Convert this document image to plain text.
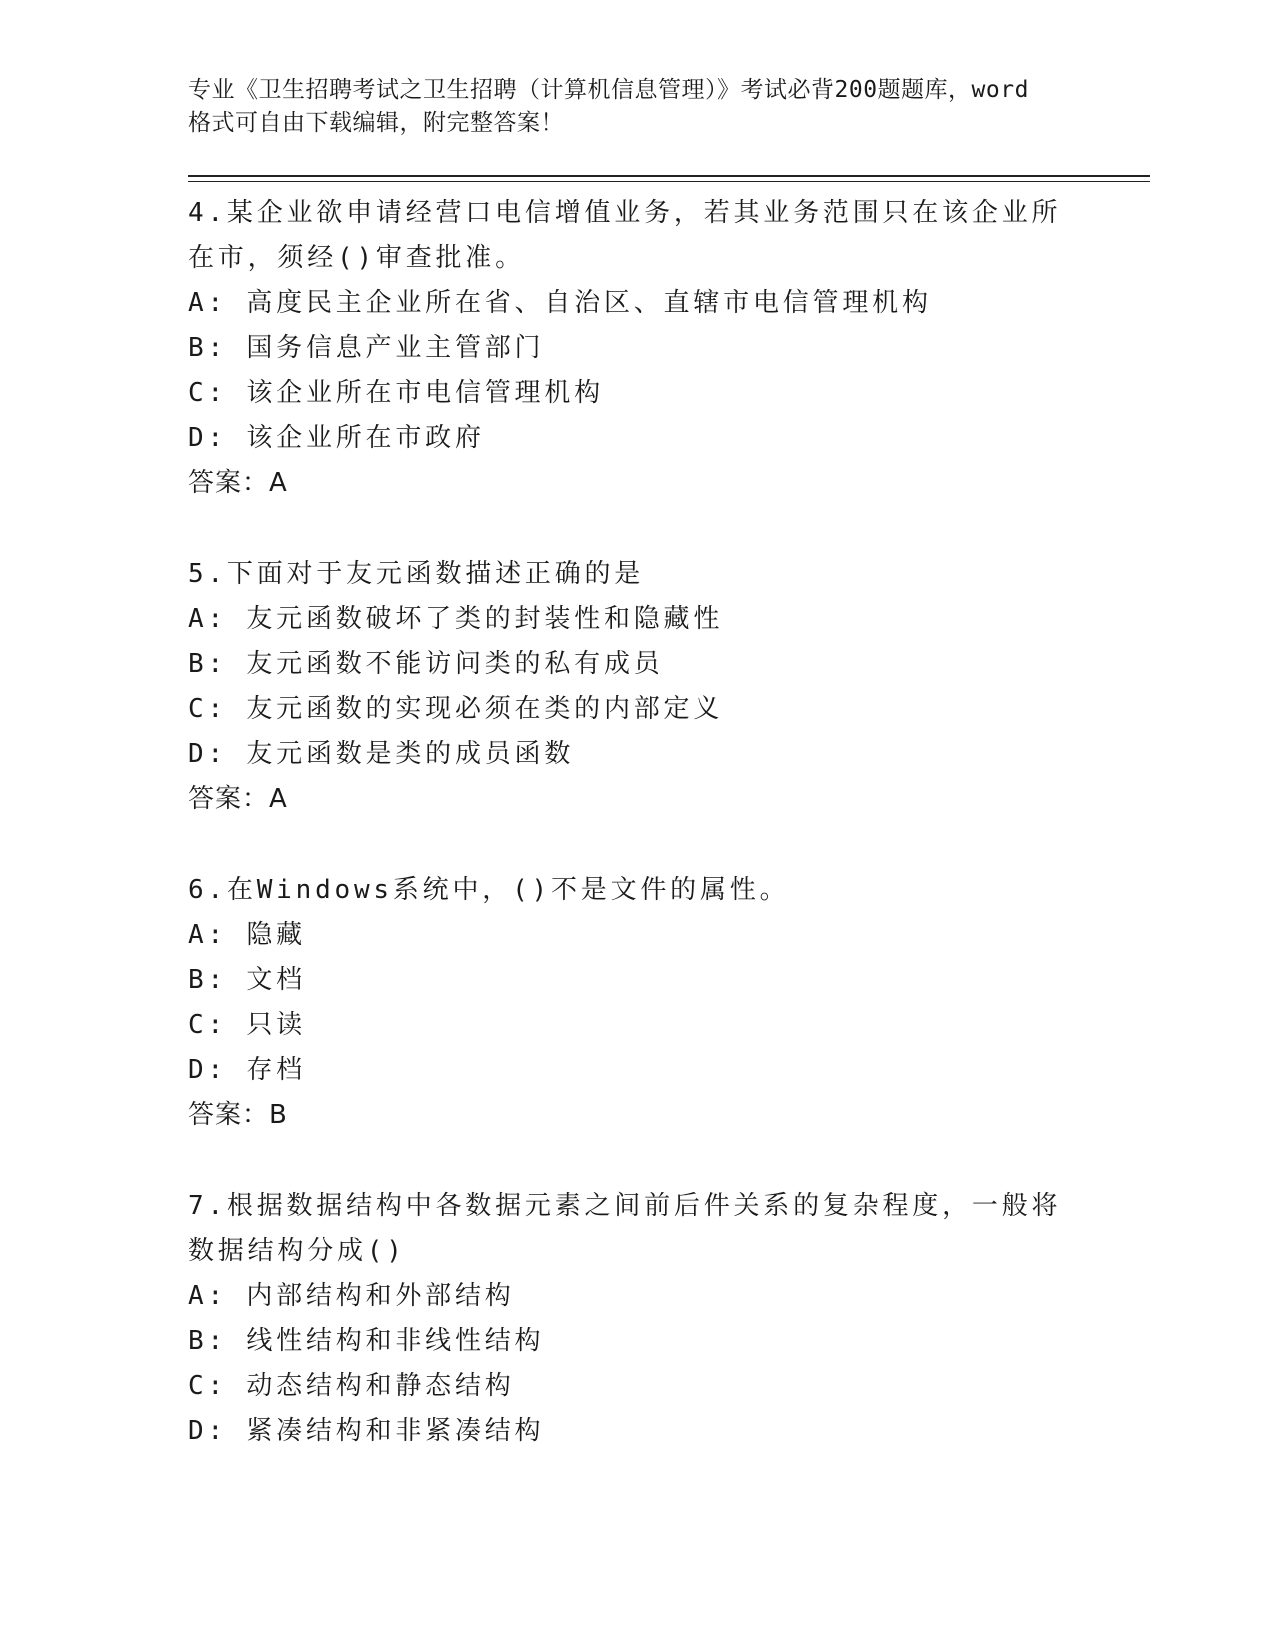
专业《卫生招聘考试之卫生招聘（计算机信息管理）》考试必背200题题库，word
格式可自由下载编辑，附完整答案！

4.某企业欲申请经营口电信增值业务，若其业务范围只在该企业所在市，须经()审查批准。

A: 高度民主企业所在省、自治区、直辖市电信管理机构

B: 国务信息产业主管部门

C: 该企业所在市电信管理机构

D: 该企业所在市政府

答案：A

5.下面对于友元函数描述正确的是

A: 友元函数破坏了类的封装性和隐藏性

B: 友元函数不能访问类的私有成员

C: 友元函数的实现必须在类的内部定义

D: 友元函数是类的成员函数

答案：A

6.在Windows系统中，()不是文件的属性。

A: 隐藏

B: 文档

C: 只读

D: 存档

答案：B

7.根据数据结构中各数据元素之间前后件关系的复杂程度，一般将数据结构分成()

A: 内部结构和外部结构

B: 线性结构和非线性结构

C: 动态结构和静态结构

D: 紧凑结构和非紧凑结构
